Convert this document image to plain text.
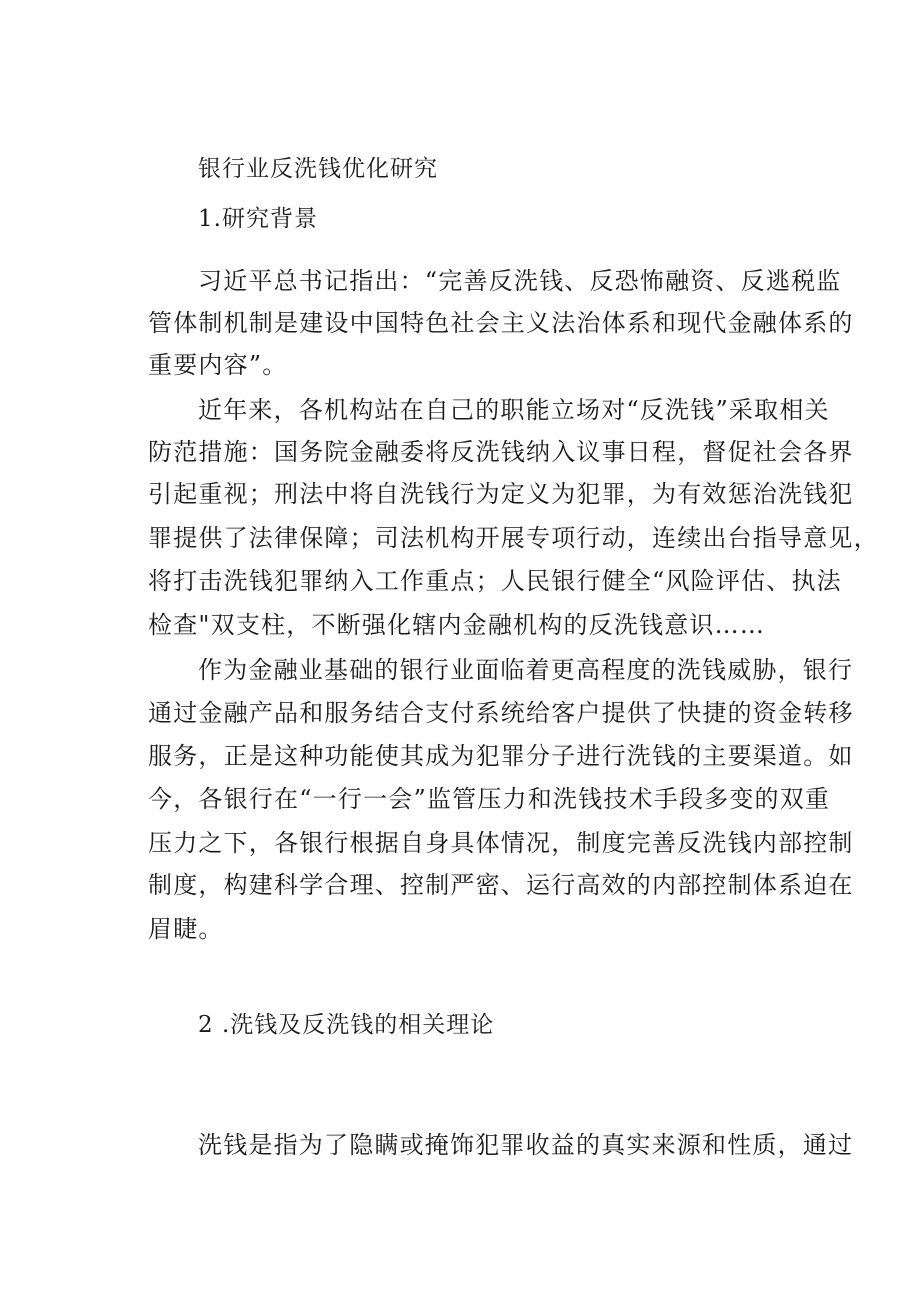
银行业反洗钱优化研究
1.研究背景
习近平总书记指出：“完善反洗钱、反恐怖融资、反逃税监
管体制机制是建设中国特色社会主义法治体系和现代金融体系的
重要内容”。
近年来，各机构站在自己的职能立场对“反洗钱”采取相关
防范措施：国务院金融委将反洗钱纳入议事日程，督促社会各界
引起重视；刑法中将自洗钱行为定义为犯罪，为有效惩治洗钱犯
罪提供了法律保障；司法机构开展专项行动，连续出台指导意见，
将打击洗钱犯罪纳入工作重点；人民银行健全“风险评估、执法
检查"双支柱，不断强化辖内金融机构的反洗钱意识……
作为金融业基础的银行业面临着更高程度的洗钱威胁，银行
通过金融产品和服务结合支付系统给客户提供了快捷的资金转移
服务，正是这种功能使其成为犯罪分子进行洗钱的主要渠道。如
今，各银行在“一行一会”监管压力和洗钱技术手段多变的双重
压力之下，各银行根据自身具体情况，制度完善反洗钱内部控制
制度，构建科学合理、控制严密、运行高效的内部控制体系迫在
眉睫。
2 .洗钱及反洗钱的相关理论
洗钱是指为了隐瞒或掩饰犯罪收益的真实来源和性质，通过
